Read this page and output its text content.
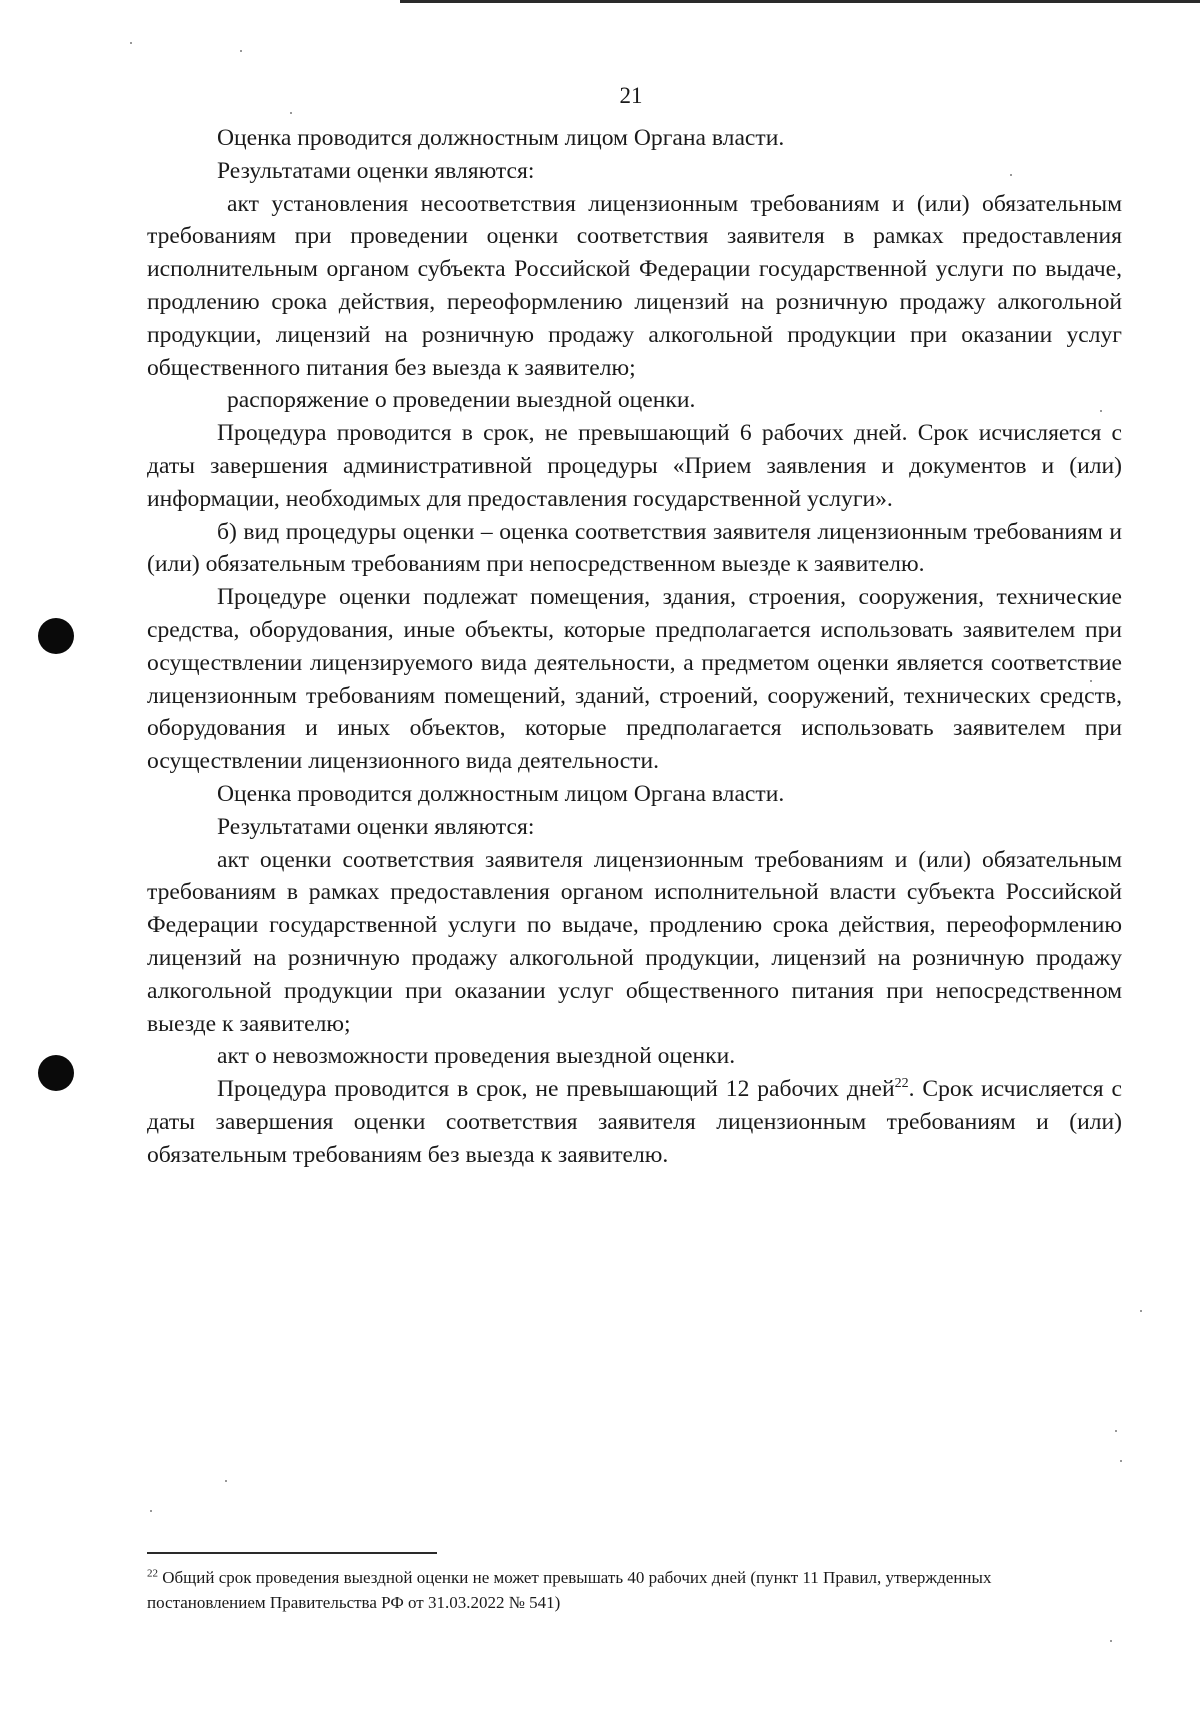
21

Оценка проводится должностным лицом Органа власти.

Результатами оценки являются:

акт установления несоответствия лицензионным требованиям и (или) обязательным требованиям при проведении оценки соответствия заявителя в рамках предоставления исполнительным органом субъекта Российской Федерации государственной услуги по выдаче, продлению срока действия, переоформлению лицензий на розничную продажу алкогольной продукции, лицензий на розничную продажу алкогольной продукции при оказании услуг общественного питания без выезда к заявителю;

распоряжение о проведении выездной оценки.

Процедура проводится в срок, не превышающий 6 рабочих дней. Срок исчисляется с даты завершения административной процедуры «Прием заявления и документов и (или) информации, необходимых для предоставления государственной услуги».

б) вид процедуры оценки – оценка соответствия заявителя лицензионным требованиям и (или) обязательным требованиям при непосредственном выезде к заявителю.

Процедуре оценки подлежат помещения, здания, строения, сооружения, технические средства, оборудования, иные объекты, которые предполагается использовать заявителем при осуществлении лицензируемого вида деятельности, а предметом оценки является соответствие лицензионным требованиям помещений, зданий, строений, сооружений, технических средств, оборудования и иных объектов, которые предполагается использовать заявителем при осуществлении лицензионного вида деятельности.

Оценка проводится должностным лицом Органа власти.

Результатами оценки являются:

акт оценки соответствия заявителя лицензионным требованиям и (или) обязательным требованиям в рамках предоставления органом исполнительной власти субъекта Российской Федерации государственной услуги по выдаче, продлению срока действия, переоформлению лицензий на розничную продажу алкогольной продукции, лицензий на розничную продажу алкогольной продукции при оказании услуг общественного питания при непосредственном выезде к заявителю;

акт о невозможности проведения выездной оценки.

Процедура проводится в срок, не превышающий 12 рабочих дней$^{22}$. Срок исчисляется с даты завершения оценки соответствия заявителя лицензионным требованиям и (или) обязательным требованиям без выезда к заявителю.

$^{22}$ Общий срок проведения выездной оценки не может превышать 40 рабочих дней (пункт 11 Правил, утвержденных постановлением Правительства РФ от 31.03.2022 № 541)
